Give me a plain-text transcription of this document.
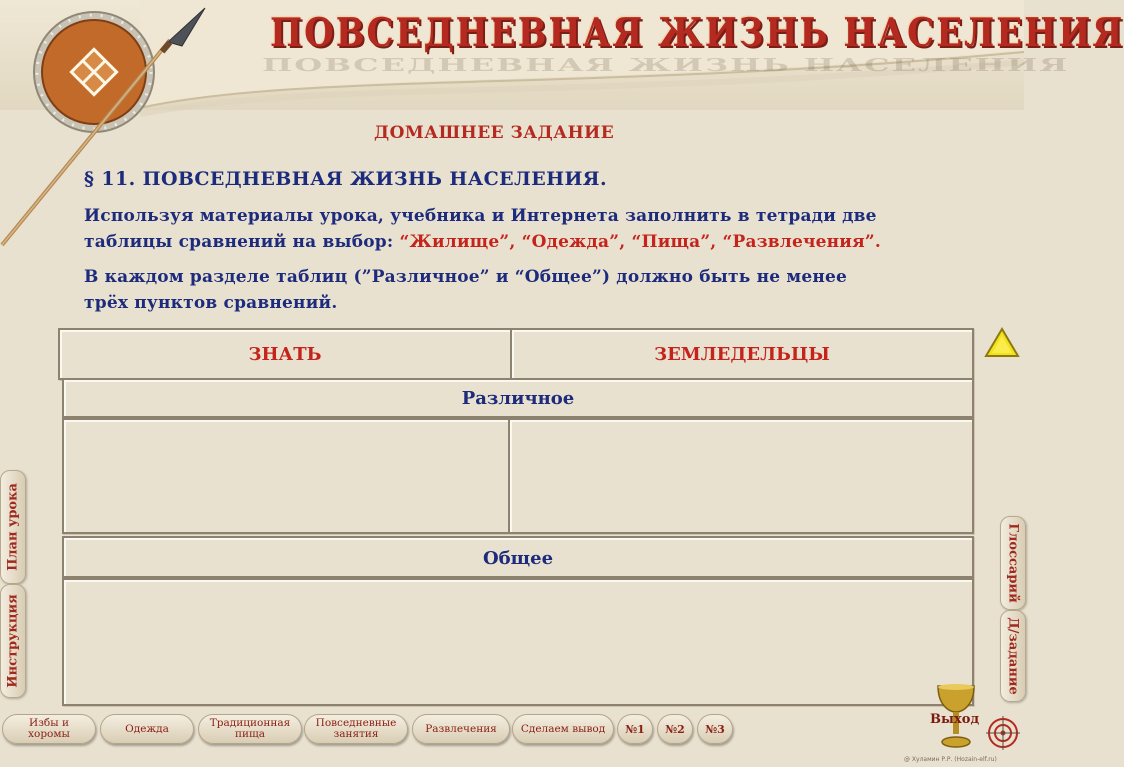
ПОВСЕДНЕВНАЯ ЖИЗНЬ НАСЕЛЕНИЯ
ПОВСЕДНЕВНАЯ ЖИЗНЬ НАСЕЛЕНИЯ
ДОМАШНЕЕ ЗАДАНИЕ
§ 11. ПОВСЕДНЕВНАЯ ЖИЗНЬ НАСЕЛЕНИЯ.
Используя материалы урока, учебника и Интернета заполнить в тетради две
таблицы сравнений на выбор: “Жилище”, “Одежда”, “Пища”, “Развлечения”.
В каждом разделе таблиц (”Различное” и “Общее”) должно быть не менее
трёх пунктов сравнений.
ЗНАТЬ	ЗЕМЛЕДЕЛЬЦЫ
Различное
Общее
План урока
Инструкция
Глоссарий
Д/задание
Избы и хоромы	Одежда	Традиционная пища
Повседневные занятия	Развлечения Сделаем вывод №1 №2 №3
Выход
@ Хуламин Р.Р. (Hozain-elf.ru)
